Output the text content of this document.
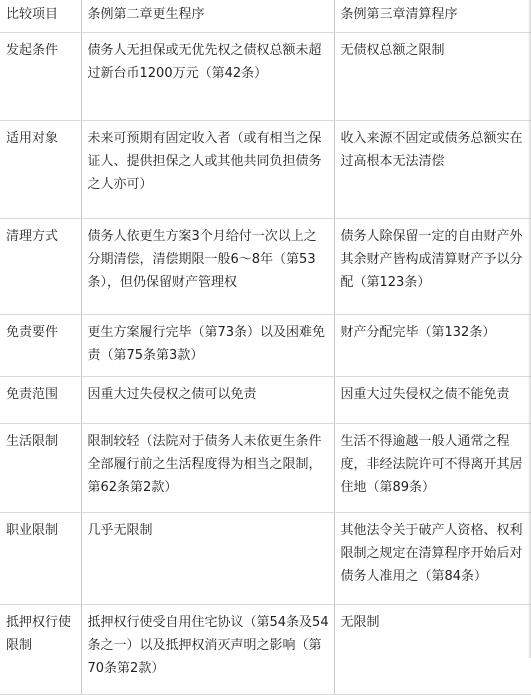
比较项目	条例第二章更生程序	条例第三章清算程序
发起条件	债务人无担保或无优先权之债权总额未超过新台币1200万元（第42条）	无债权总额之限制
适用对象	未来可预期有固定收入者（或有相当之保证人、提供担保之人或其他共同负担债务之人亦可）	收入来源不固定或债务总额实在过高根本无法清偿
清理方式	债务人依更生方案3个月给付一次以上之分期清偿，清偿期限一般6～8年（第53条），但仍保留财产管理权	债务人除保留一定的自由财产外其余财产皆构成清算财产予以分配（第123条）
免责要件	更生方案履行完毕（第73条）以及困难免责（第75条第3款）	财产分配完毕（第132条）
免责范围	因重大过失侵权之债可以免责	因重大过失侵权之债不能免责
生活限制	限制较轻（法院对于债务人未依更生条件全部履行前之生活程度得为相当之限制，第62条第2款）	生活不得逾越一般人通常之程度，非经法院许可不得离开其居住地（第89条）
职业限制	几乎无限制	其他法令关于破产人资格、权利限制之规定在清算程序开始后对债务人准用之（第84条）
抵押权行使限制	抵押权行使受自用住宅协议（第54条及54条之一）以及抵押权消灭声明之影响（第70条第2款）	无限制
